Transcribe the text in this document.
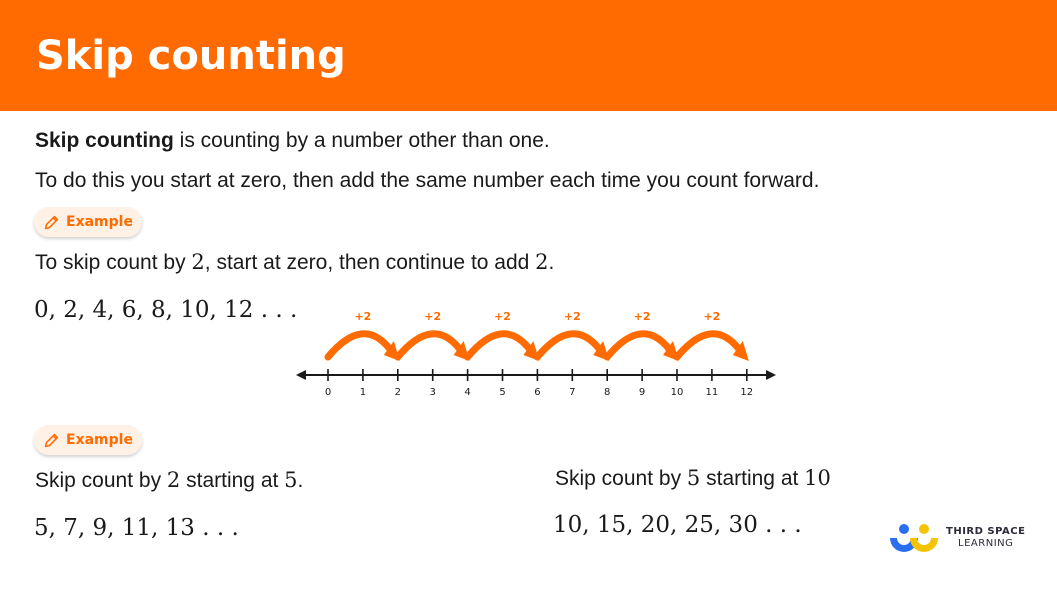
Skip counting

Skip counting is counting by a number other than one.

To do this you start at zero, then add the same number each time you count forward.

Example

To skip count by 2, start at zero, then continue to add 2.

0, 2, 4, 6, 8, 10, 12 . . .
0	1	2	3	4	5	6	7	8	9	10 11 12
+2	+2	+2	+2	+2	+2
Example

Skip count by 2 starting at 5.

5, 7, 9, 11, 13 . . .

Skip count by 5 starting at 10

10, 15, 20, 25, 30 . . .	THIRD SPACE
LEARNING
